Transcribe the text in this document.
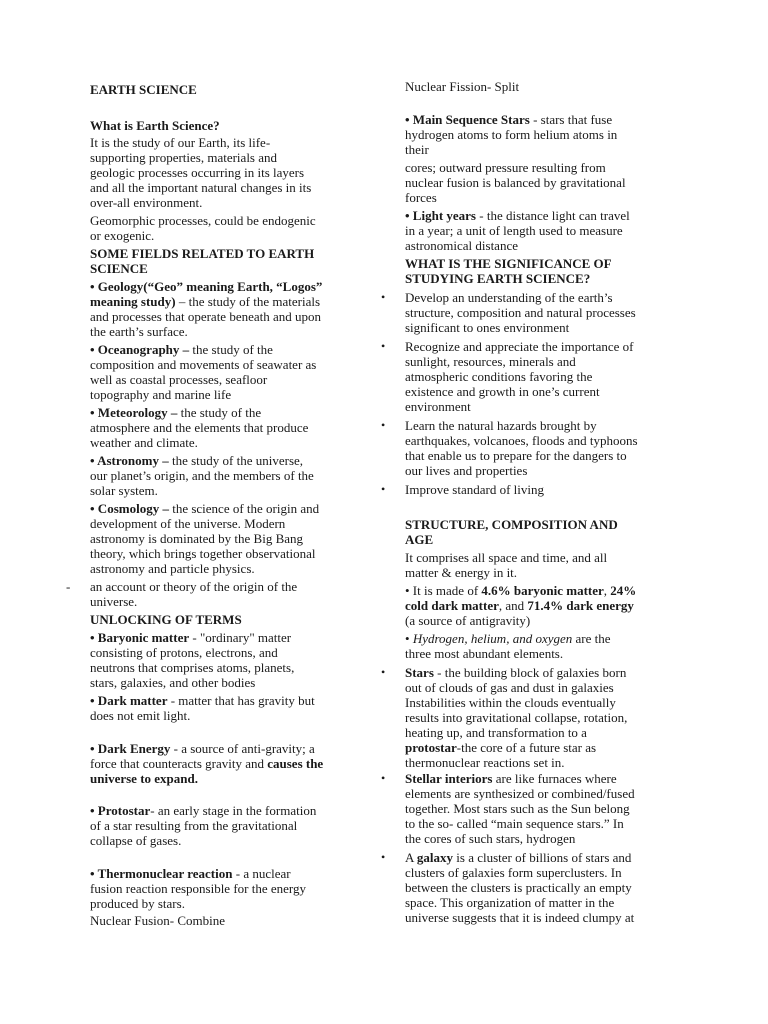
EARTH SCIENCE
What is Earth Science?
It is the study of our Earth, its life-
supporting properties, materials and
geologic processes occurring in its layers
and all the important natural changes in its
over-all environment.
Geomorphic processes, could be endogenic
or exogenic.
SOME FIELDS RELATED TO EARTH
SCIENCE
• Geology(“Geo” meaning Earth, “Logos”
meaning study) – the study of the materials
and processes that operate beneath and upon
the earth’s surface.
• Oceanography – the study of the
composition and movements of seawater as
well as coastal processes, seafloor
topography and marine life
• Meteorology – the study of the
atmosphere and the elements that produce
weather and climate.
• Astronomy – the study of the universe,
our planet’s origin, and the members of the
solar system.
• Cosmology – the science of the origin and
development of the universe. Modern
astronomy is dominated by the Big Bang
theory, which brings together observational
astronomy and particle physics.
- an account or theory of the origin of the
universe.
UNLOCKING OF TERMS
• Baryonic matter - "ordinary" matter
consisting of protons, electrons, and
neutrons that comprises atoms, planets,
stars, galaxies, and other bodies
• Dark matter - matter that has gravity but
does not emit light.
• Dark Energy - a source of anti-gravity; a
force that counteracts gravity and causes the
universe to expand.
• Protostar- an early stage in the formation
of a star resulting from the gravitational
collapse of gases.
• Thermonuclear reaction - a nuclear
fusion reaction responsible for the energy
produced by stars.
Nuclear Fusion- Combine
Nuclear Fission- Split
• Main Sequence Stars - stars that fuse
hydrogen atoms to form helium atoms in
their
cores; outward pressure resulting from
nuclear fusion is balanced by gravitational
forces
• Light years - the distance light can travel
in a year; a unit of length used to measure
astronomical distance
WHAT IS THE SIGNIFICANCE OF
STUDYING EARTH SCIENCE?
• Develop an understanding of the earth’s
structure, composition and natural processes
significant to ones environment
• Recognize and appreciate the importance of
sunlight, resources, minerals and
atmospheric conditions favoring the
existence and growth in one’s current
environment
• Learn the natural hazards brought by
earthquakes, volcanoes, floods and typhoons
that enable us to prepare for the dangers to
our lives and properties
• Improve standard of living
STRUCTURE, COMPOSITION AND
AGE
It comprises all space and time, and all
matter & energy in it.
• It is made of 4.6% baryonic matter, 24%
cold dark matter, and 71.4% dark energy
(a source of antigravity)
• Hydrogen, helium, and oxygen are the
three most abundant elements.
• Stars - the building block of galaxies born
out of clouds of gas and dust in galaxies
Instabilities within the clouds eventually
results into gravitational collapse, rotation,
heating up, and transformation to a
protostar-the core of a future star as
thermonuclear reactions set in.
• Stellar interiors are like furnaces where
elements are synthesized or combined/fused
together. Most stars such as the Sun belong
to the so- called “main sequence stars.” In
the cores of such stars, hydrogen
• A galaxy is a cluster of billions of stars and
clusters of galaxies form superclusters. In
between the clusters is practically an empty
space. This organization of matter in the
universe suggests that it is indeed clumpy at
